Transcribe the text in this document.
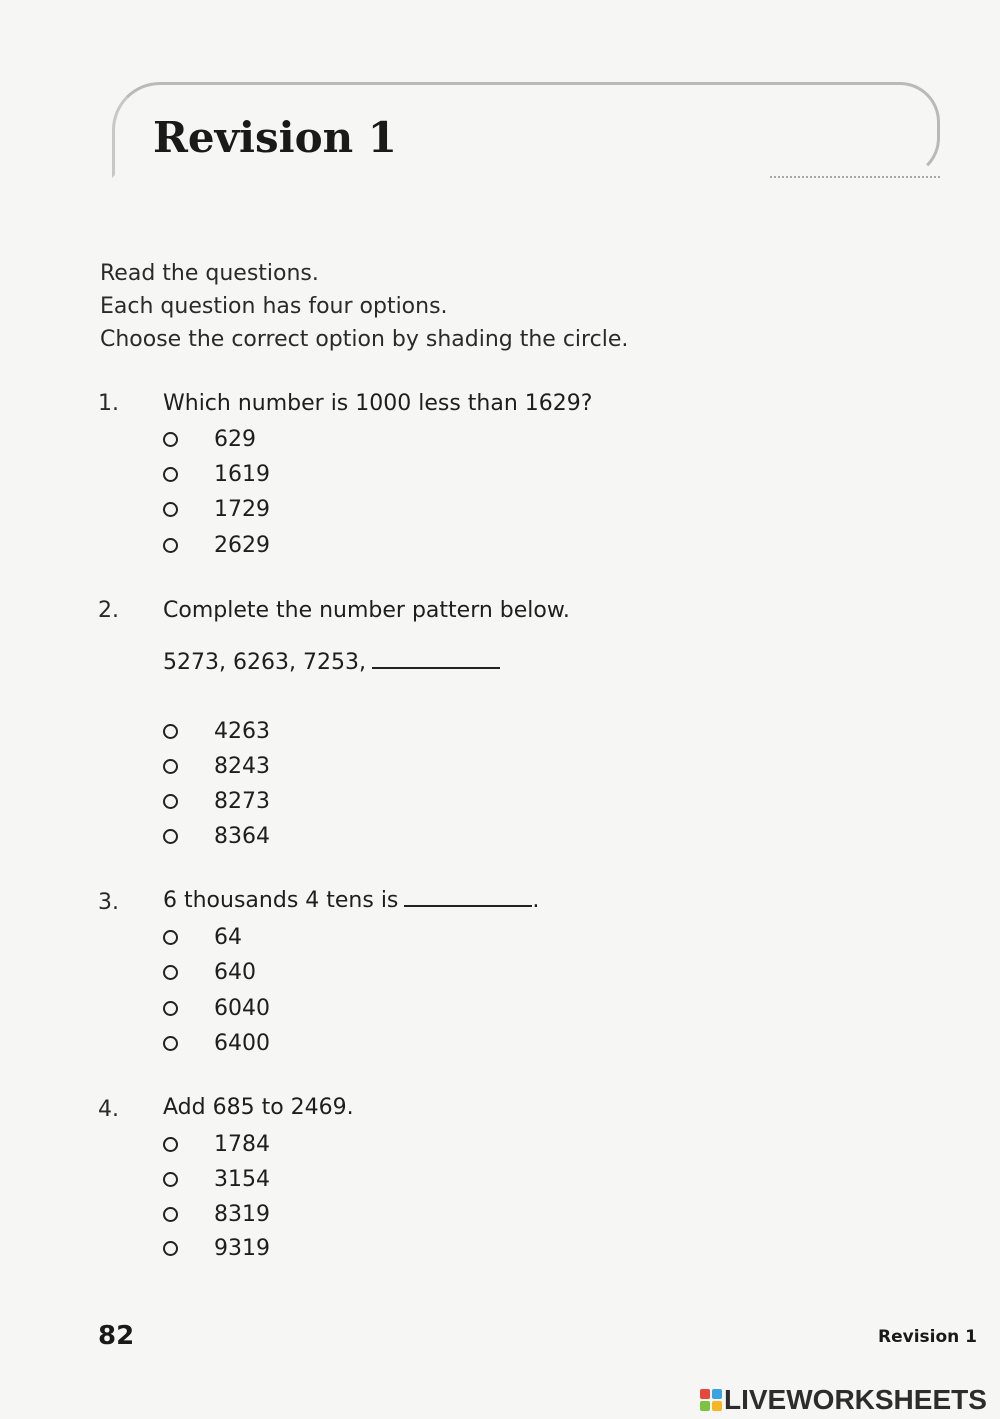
Revision 1
Read the questions.
Each question has four options.
Choose the correct option by shading the circle.
1. Which number is 1000 less than 1629?
629
1619
1729
2629
2. Complete the number pattern below.
5273, 6263, 7253,
4263
8243
8273
8364
3. 6 thousands 4 tens is	.
64
640
6040
6400
4. Add 685 to 2469.
1784
3154
8319
9319
82	Revision 1
LIVEWORKSHEETS
